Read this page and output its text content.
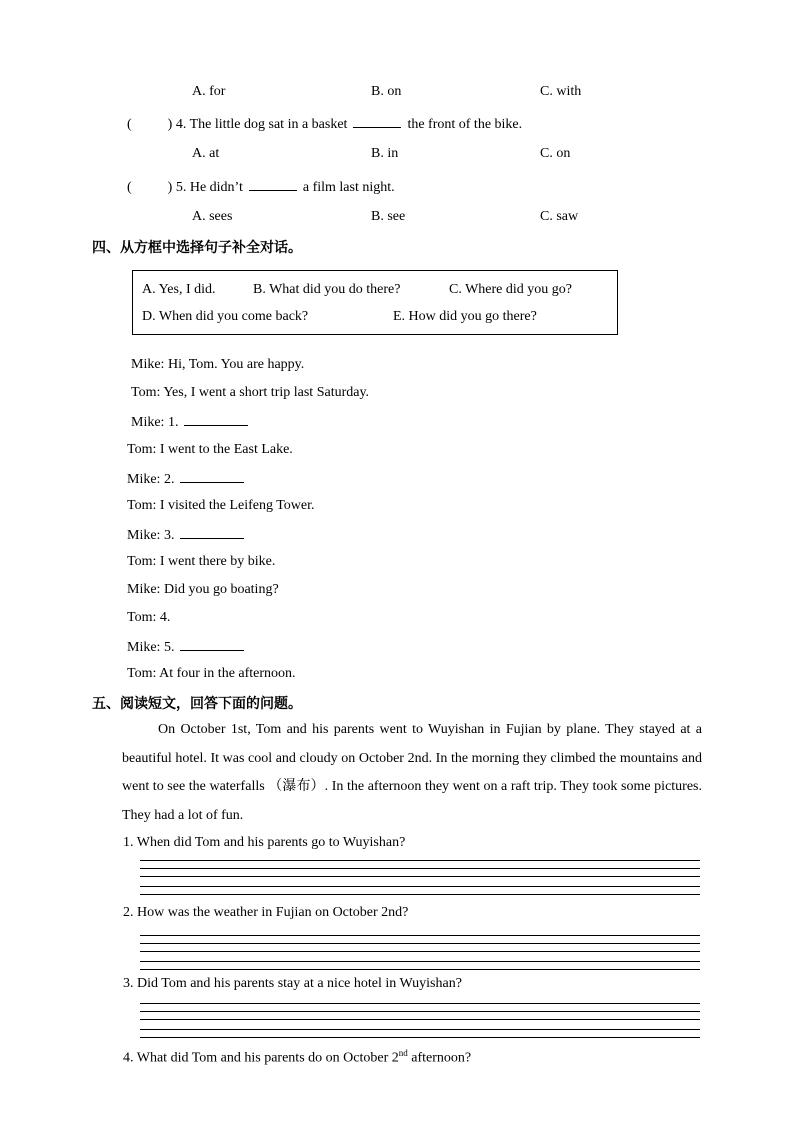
A. for	B. on	C. with
(	) 4. The little dog sat in a basket	the front of the bike.
A. at	B. in	C. on
(	) 5. He didn’t	a film last night.
A. sees	B. see	C. saw
四、从方框中选择句子补全对话。
A. Yes, I did.	B. What did you do there?	C. Where did you go?
D. When did you come back?	E. How did you go there?
Mike: Hi, Tom. You are happy.
Tom: Yes, I went a short trip last Saturday.
Mike: 1.
Tom: I went to the East Lake.
Mike: 2.
Tom: I visited the Leifeng Tower.
Mike: 3.
Tom: I went there by bike.
Mike: Did you go boating?
Tom: 4.
Mike: 5.
Tom: At four in the afternoon.
五、阅读短文，回答下面的问题。
On October 1st, Tom and his parents went to Wuyishan in Fujian by plane. They stayed at a beautiful hotel. It was cool and cloudy on October 2nd. In the morning they climbed the mountains and went to see the waterfalls （瀑布）. In the afternoon they went on a raft trip. They took some pictures. They had a lot of fun.
1. When did Tom and his parents go to Wuyishan?
2. How was the weather in Fujian on October 2nd?
3. Did Tom and his parents stay at a nice hotel in Wuyishan?
4. What did Tom and his parents do on October 2nd afternoon?
